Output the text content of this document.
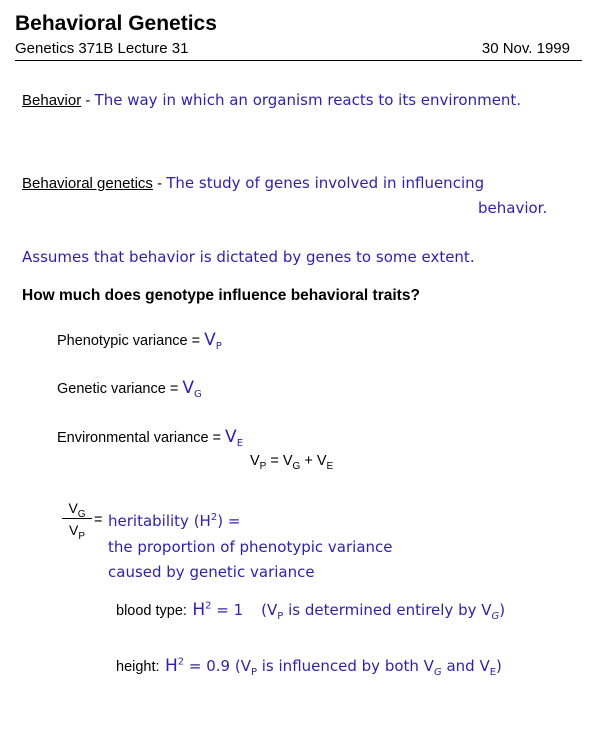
Behavioral Genetics
Genetics 371B Lecture 31	30 Nov. 1999
Behavior - The way in which an organism reacts to its environment.
Behavioral genetics - The study of genes involved in influencing
behavior.
Assumes that behavior is dictated by genes to some extent.
How much does genotype influence behavioral traits?
Phenotypic variance = $V_P$
Genetic variance = $V_G$
Environmental variance = $V_E$
$V_P = V_G + V_E$
$\frac{V_G}{V_P}$ = heritability $(H^2)$ =
the proportion of phenotypic variance
caused by genetic variance
blood type: $H^2 = 1$ ($V_P$ is determined entirely by $V_G$)
height: $H^2 = 0.9$ ($V_P$ is influenced by both $V_G$ and $V_E$)
